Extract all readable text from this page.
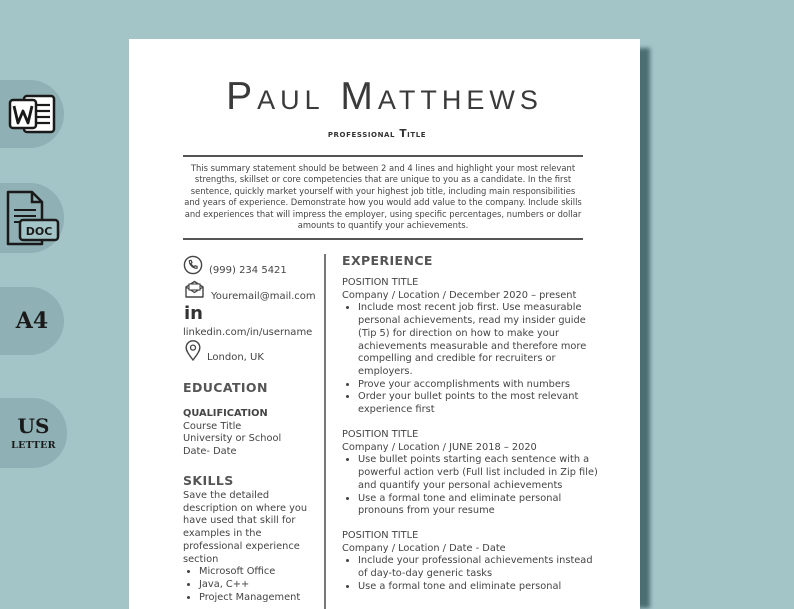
DOC
A4
US
LETTER
Paul Matthews
professional Title
This summary statement should be between 2 and 4 lines and highlight your most relevant strengths, skillset or core competencies that are unique to you as a candidate. In the first sentence, quickly market yourself with your highest job title, including main responsibilities and years of experience. Demonstrate how you would add value to the company. Include skills and experiences that will impress the employer, using specific percentages, numbers or dollar amounts to quantify your achievements.
(999) 234 5421
Youremail@mail.com
in
linkedin.com/in/username
London, UK
EDUCATION
QUALIFICATION
Course Title
University or School
Date- Date
SKILLS
Save the detailed description on where you have used that skill for examples in the professional experience section
• Microsoft Office
• Java, C++
• Project Management
EXPERIENCE
POSITION TITLE
Company / Location / December 2020 – present
• Include most recent job first. Use measurable personal achievements, read my insider guide (Tip 5) for direction on how to make your achievements measurable and therefore more compelling and credible for recruiters or employers.
• Prove your accomplishments with numbers
• Order your bullet points to the most relevant experience first
POSITION TITLE
Company / Location / JUNE 2018 – 2020
• Use bullet points starting each sentence with a powerful action verb (Full list included in Zip file) and quantify your personal achievements
• Use a formal tone and eliminate personal pronouns from your resume
POSITION TITLE
Company / Location / Date - Date
• Include your professional achievements instead of day-to-day generic tasks
• Use a formal tone and eliminate personal
